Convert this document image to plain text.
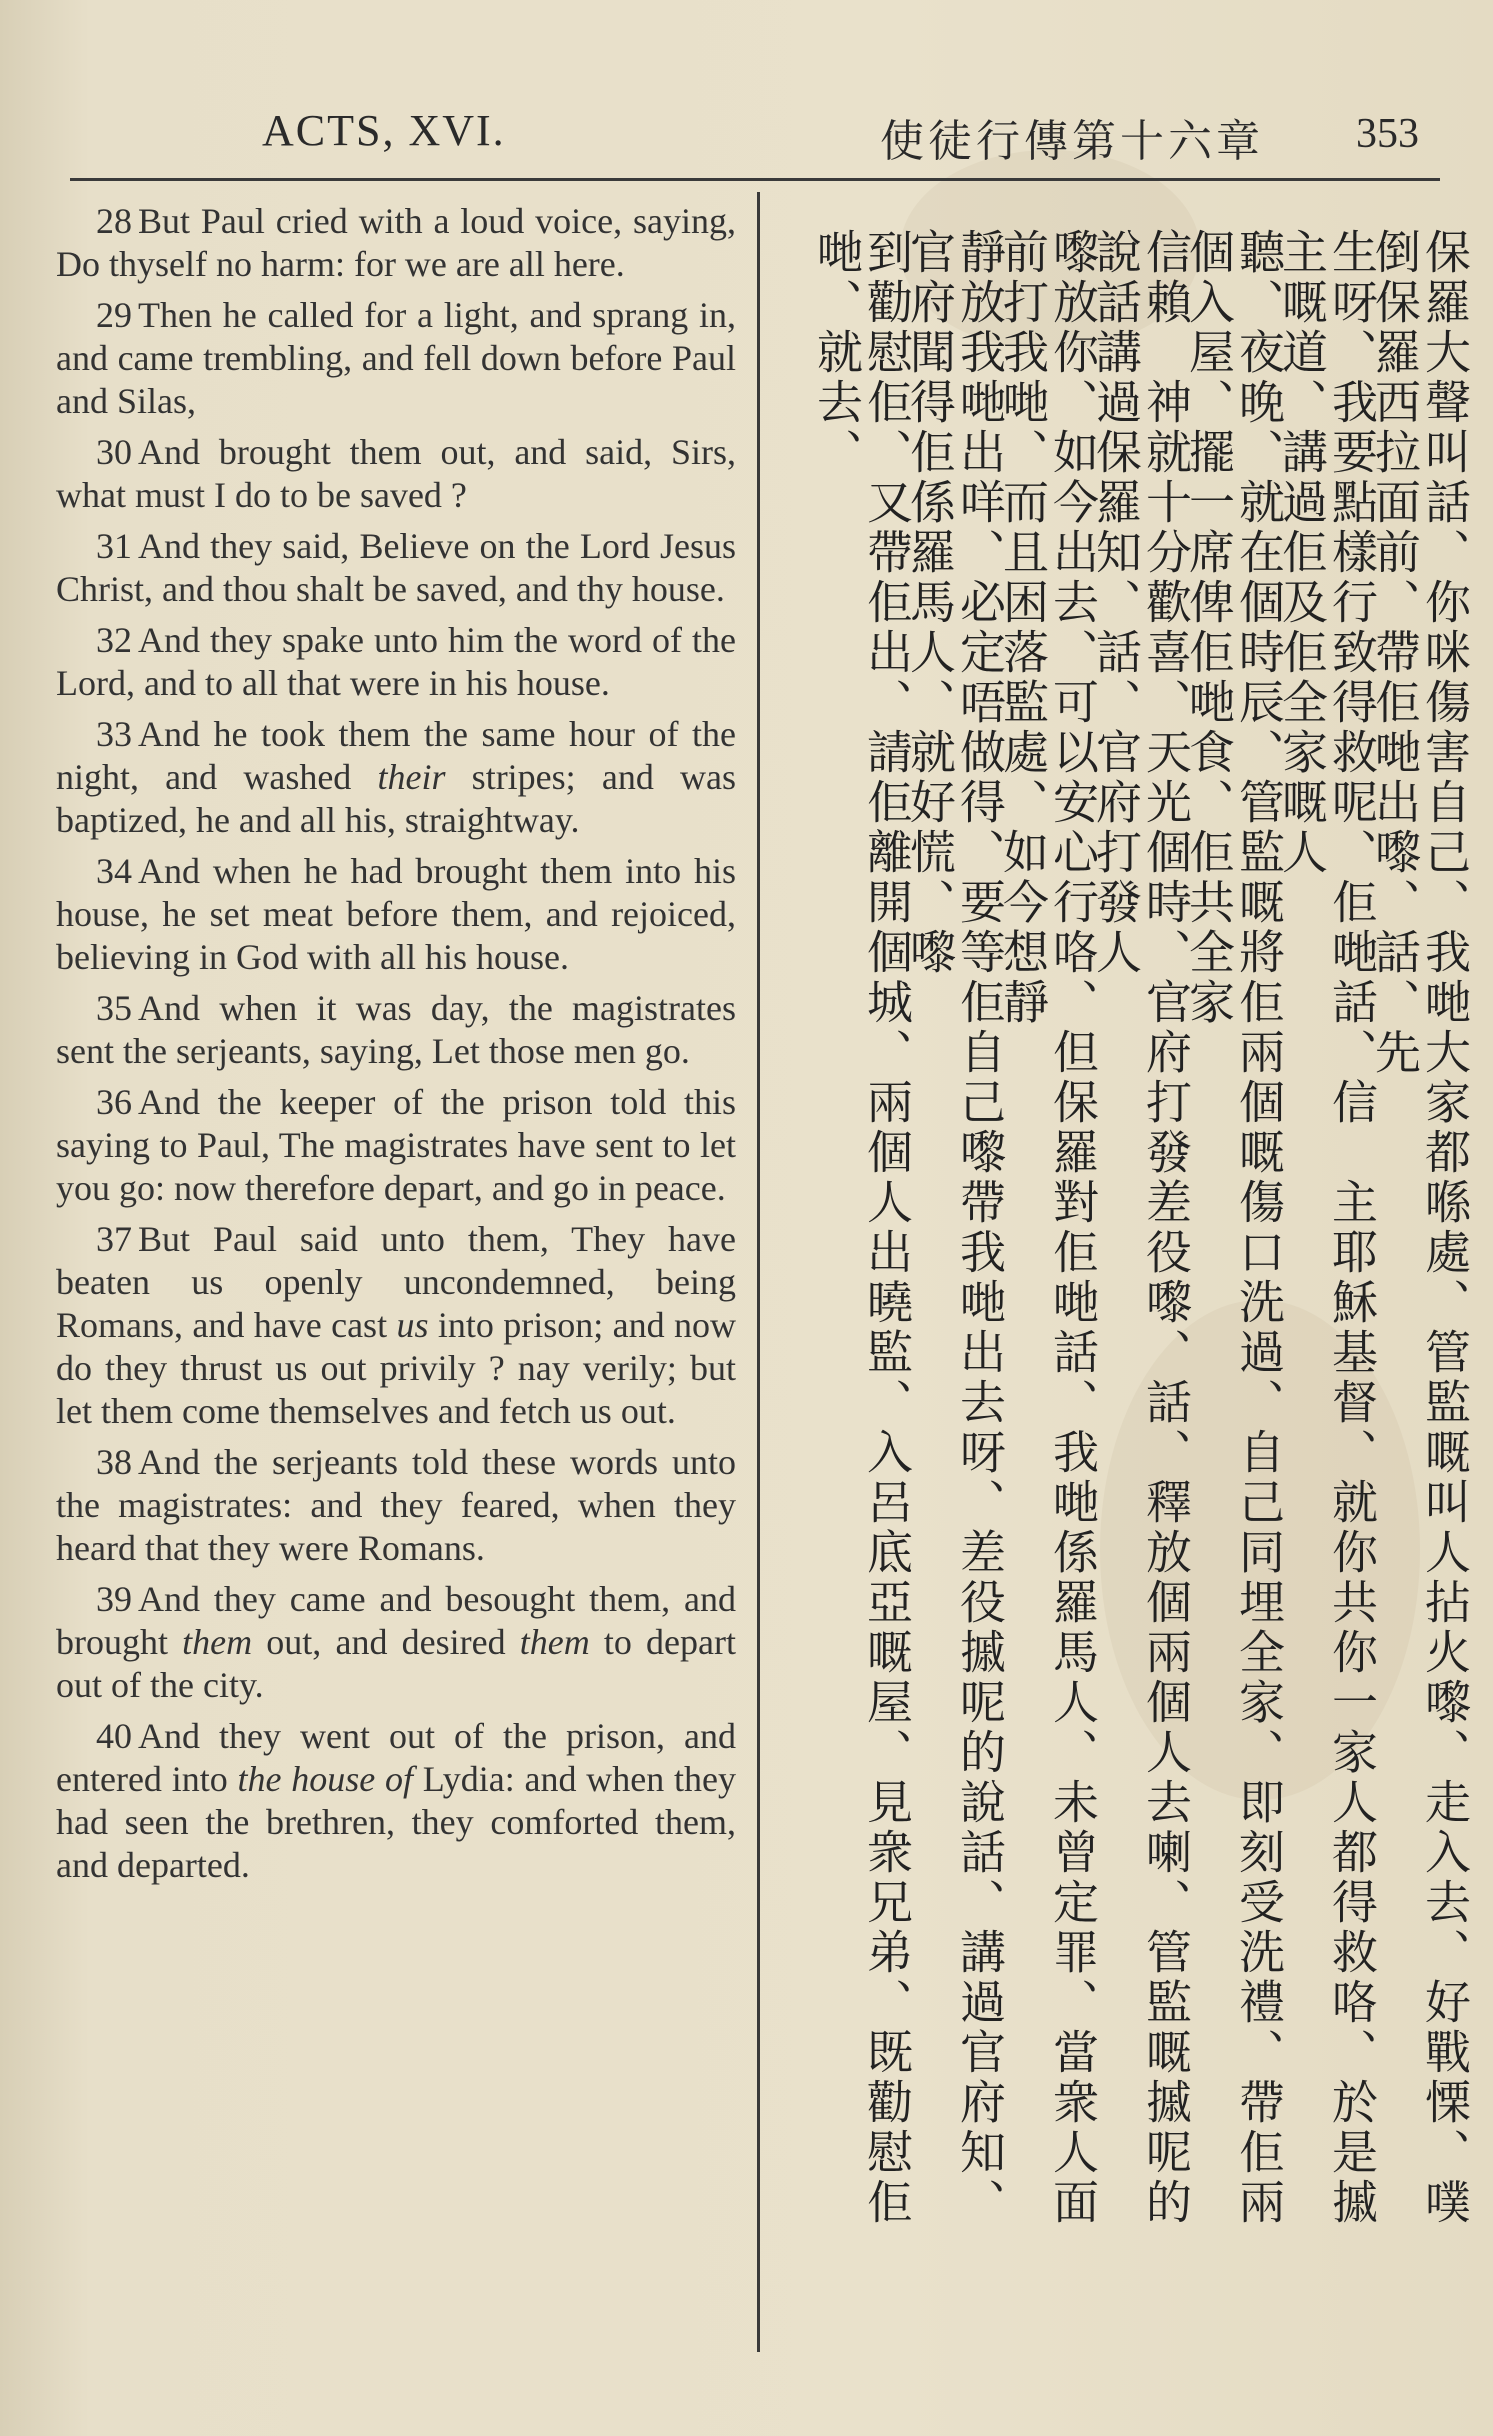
ACTS, XVI.	使徒行傳第十六章 353

28 But Paul cried with a loud voice, saying, Do thyself no harm: for we are all here.

29 Then he called for a light, and sprang in, and came trembling, and fell down before Paul and Silas,

30 And brought them out, and said, Sirs, what must I do to be saved ?

31 And they said, Believe on the Lord Jesus Christ, and thou shalt be saved, and thy house.

32 And they spake unto him the word of the Lord, and to all that were in his house.

33 And he took them the same hour of the night, and washed their stripes; and was baptized, he and all his, straightway.

34 And when he had brought them into his house, he set meat before them, and rejoiced, believing in God with all his house.

35 And when it was day, the magistrates sent the serjeants, saying, Let those men go.

36 And the keeper of the prison told this saying to Paul, The magistrates have sent to let you go: now therefore depart, and go in peace.

37 But Paul said unto them, They have beaten us openly uncondemned, being Romans, and have cast us into prison; and now do they thrust us out privily ? nay verily; but let them come themselves and fetch us out.

38 And the serjeants told these words unto the magistrates: and they feared, when they heard that they were Romans.

39 And they came and besought them, and brought them out, and desired them to depart out of the city.

40 And they went out of the prison, and entered into the house of Lydia: and when they had seen the brethren, they comforted them, and departed.	保羅大聲叫話、你咪傷害自己、我哋大家都喺處、管監嘅叫人拈火嚟、走入去、好戰慄、噗倒保羅西拉面前、帶佢哋出嚟、話、先
生呀、我要點樣行致得救呢、佢哋話、信　主耶穌基督、就你共你一家人都得救咯、於是摵　主嘅道、講過佢及佢全家嘅人
聽、夜晚、就在個時辰、管監嘅將佢兩個嘅傷口洗過、自己同埋全家、即刻受洗禮、帶佢兩個入屋、擺一席俾佢哋食、佢共全家
信賴　神就十分歡喜、天光個時、官府打發差役嚟、話、釋放個兩個人去喇、管監嘅摵呢的說話講過保羅知、話、官府打發人
嚟放你、如今出去、可以安心行咯、但保羅對佢哋話、我哋係羅馬人、未曾定罪、當衆人面前打我哋、而且困落監處、如今想靜
靜放我哋出咩、必定唔做得、要等佢自己嚟帶我哋出去呀、差役摵呢的說話、講過官府知、官府聞得佢係羅馬人、就好慌、嚟
到勸慰佢、又帶佢出、請佢離開個城、兩個人出曉監、入呂底亞嘅屋、見衆兄弟、既勸慰佢哋、就去、
